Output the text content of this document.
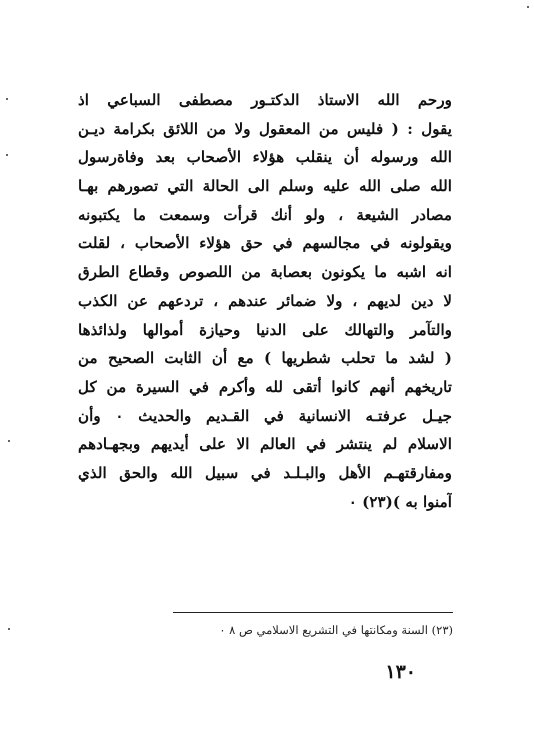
ورحم الله الاستاذ الدكتـور مصطفى السباعي اذ
يقول : ( فليس من المعقول ولا من اللائق بكرامة ديـن
الله ورسوله أن ينقلب هؤلاء الأصحاب بعد وفاةرسول
الله صلى الله عليه وسلم الى الحالة التي تصورهم بهـا
مصادر الشيعة ، ولو أنك قرأت وسمعت ما يكتبونه
ويقولونه في مجالسهم في حق هؤلاء الأصحاب ، لقلت
انه اشبه ما يكونون بعصابة من اللصوص وقطاع الطرق
لا دين لديهم ، ولا ضمائر عندهم ، تردعهم عن الكذب
والتآمر والتهالك على الدنيا وحيازة أموالها ولذائذها
( لشد ما تحلب شطريها ) مع أن الثابت الصحيح من
تاريخهم أنهم كانوا أتقى لله وأكرم في السيرة من كل
جيـل عرفتـه الانسانية في القـديم والحديث ٠ وأن
الاسلام لم ينتشر في العالم الا على أيديهم وبجهـادهم
ومفارقتهـم الأهل والبـلـد في سبيل الله والحق الذي
آمنوا به )(٢٣) ٠
(٢٣) السنة ومكانتها في التشريع الاسلامي ص ٨ ٠
١٣٠
